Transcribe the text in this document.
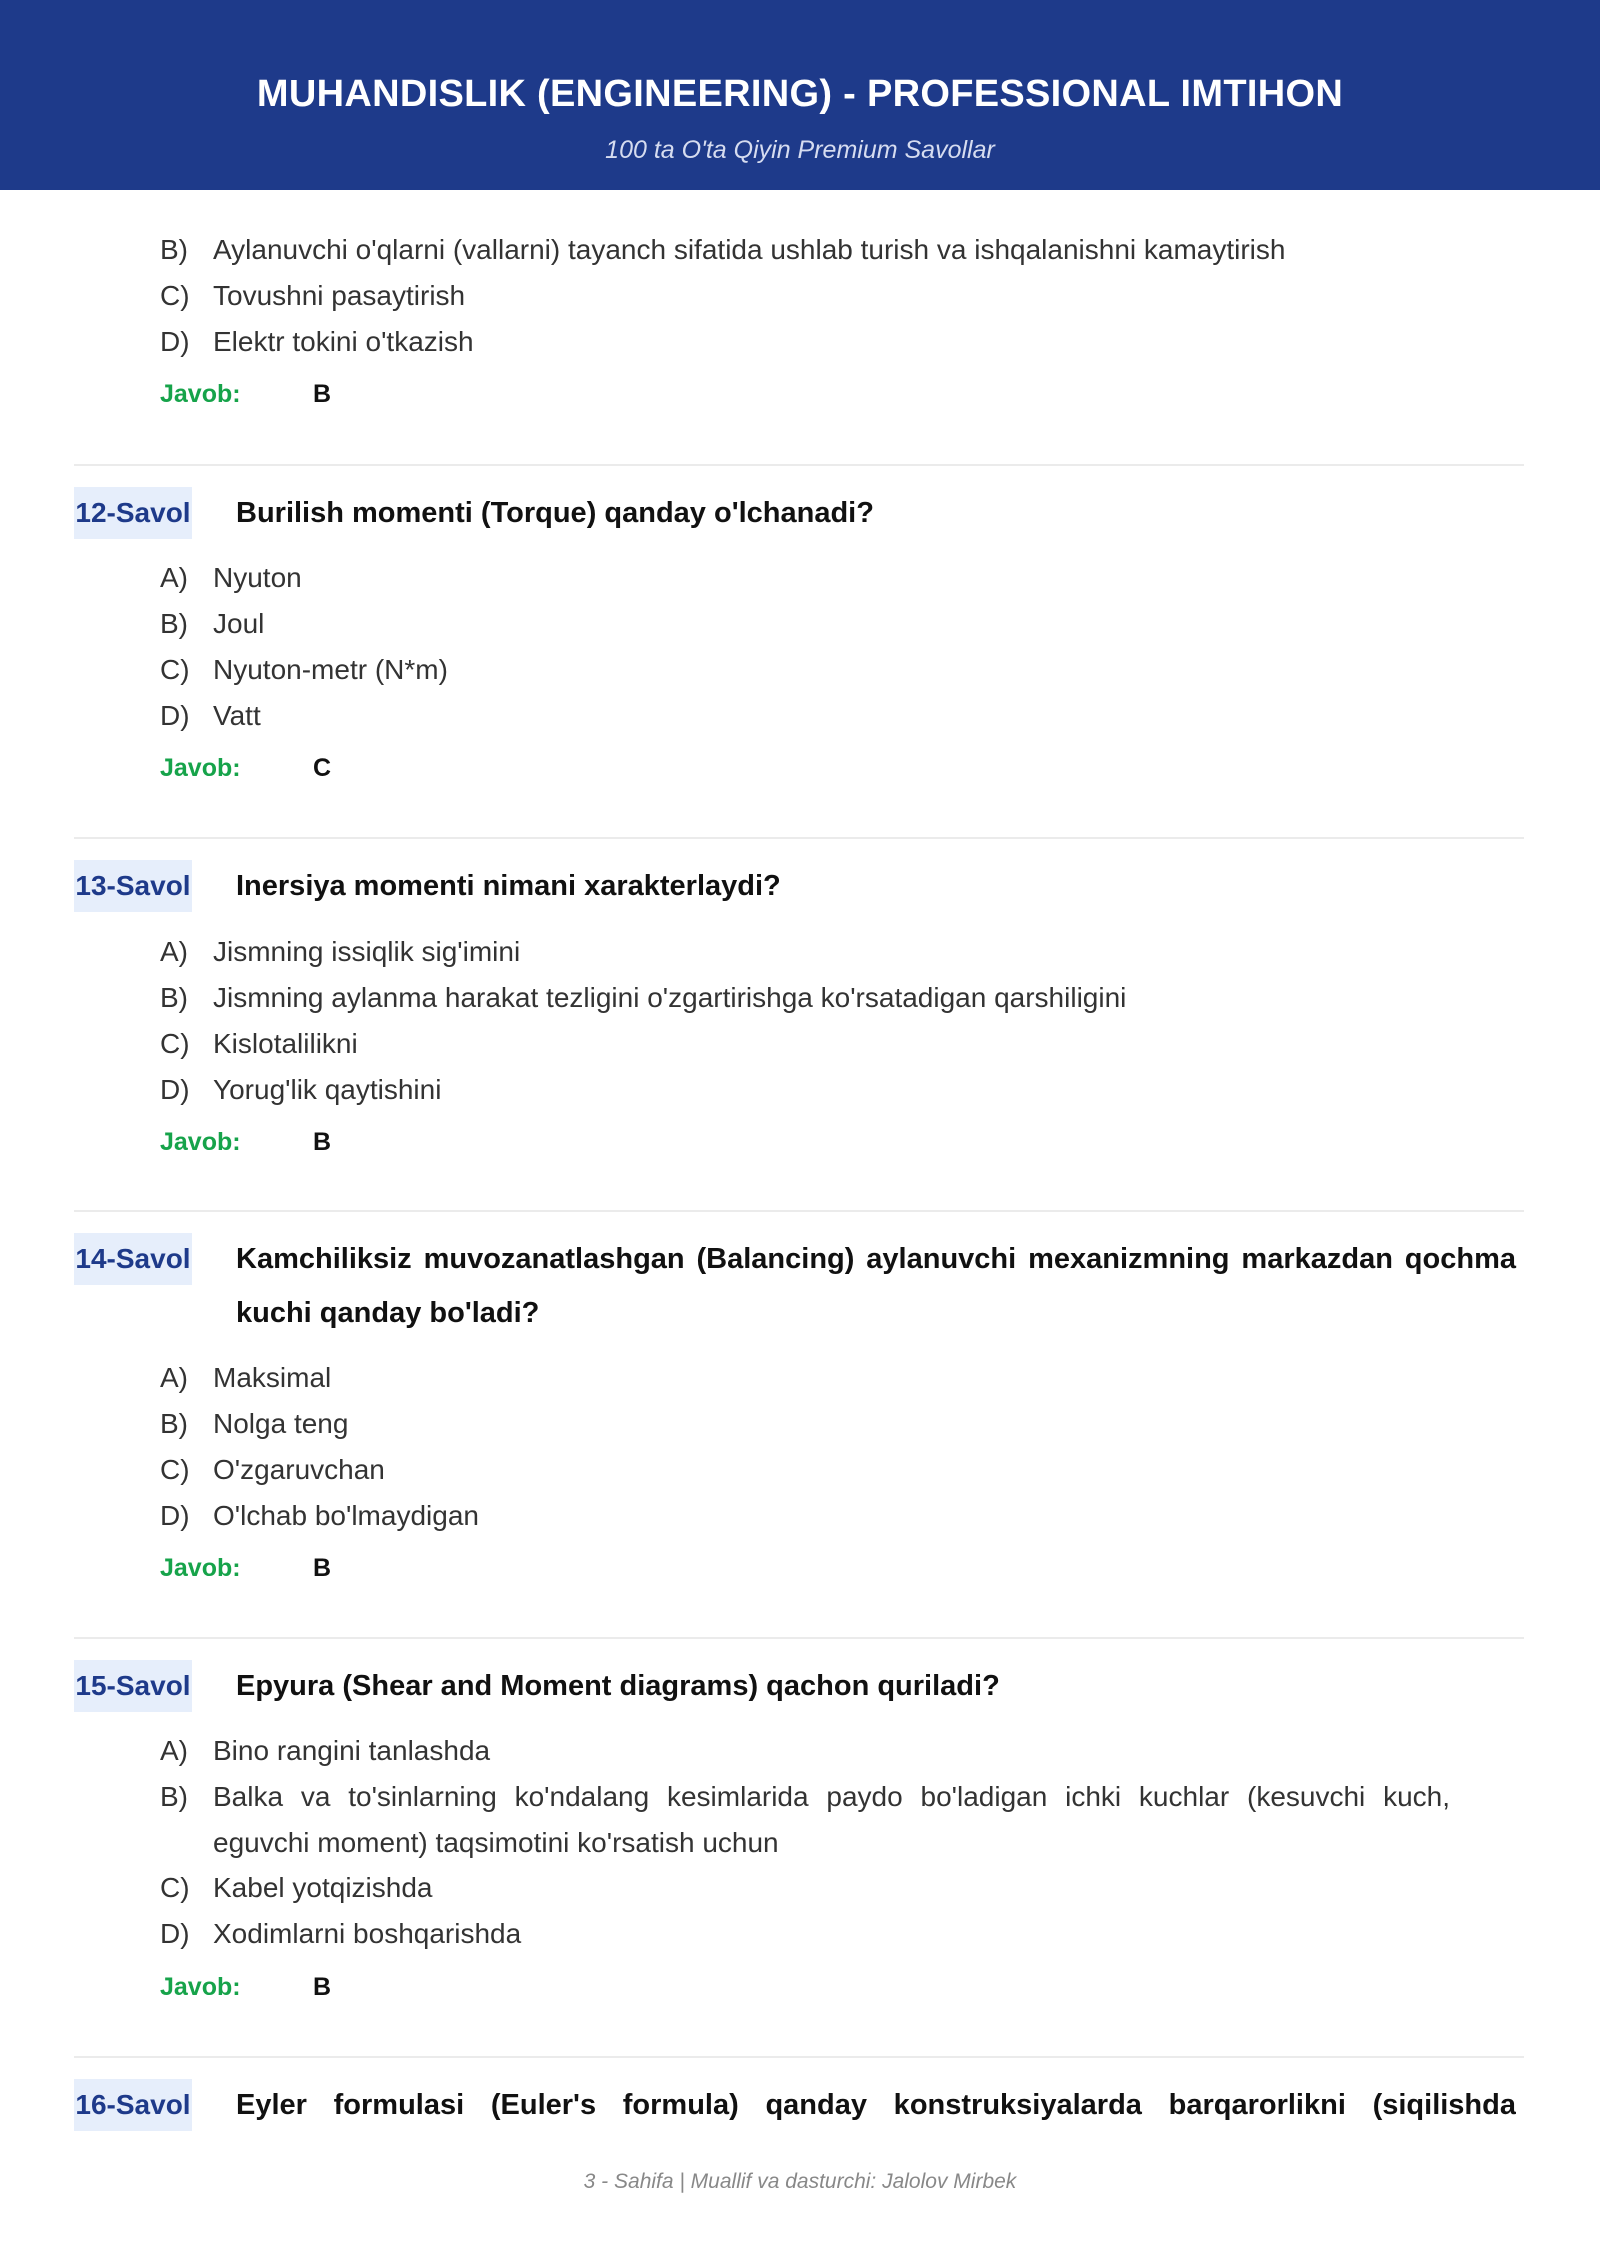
MUHANDISLIK (ENGINEERING) - PROFESSIONAL IMTIHON
100 ta O'ta Qiyin Premium Savollar
B) Aylanuvchi o'qlarni (vallarni) tayanch sifatida ushlab turish va ishqalanishni kamaytirish
C) Tovushni pasaytirish
D) Elektr tokini o'tkazish
Javob:	B
12-Savol Burilish momenti (Torque) qanday o'lchanadi?
A) Nyuton
B) Joul
C) Nyuton-metr (N*m)
D) Vatt
Javob:	C
13-Savol Inersiya momenti nimani xarakterlaydi?
A) Jismning issiqlik sig'imini
B) Jismning aylanma harakat tezligini o'zgartirishga ko'rsatadigan qarshiligini
C) Kislotalilikni
D) Yorug'lik qaytishini
Javob:	B
14-Savol Kamchiliksiz muvozanatlashgan (Balancing) aylanuvchi mexanizmning markazdan qochma kuchi qanday bo'ladi?
A) Maksimal
B) Nolga teng
C) O'zgaruvchan
D) O'lchab bo'lmaydigan
Javob:	B
15-Savol Epyura (Shear and Moment diagrams) qachon quriladi?
A) Bino rangini tanlashda
B) Balka va to'sinlarning ko'ndalang kesimlarida paydo bo'ladigan ichki kuchlar (kesuvchi kuch, eguvchi moment) taqsimotini ko'rsatish uchun
C) Kabel yotqizishda
D) Xodimlarni boshqarishda
Javob:	B
16-Savol Eyler formulasi (Euler's formula) qanday konstruksiyalarda barqarorlikni (siqilishda
3 - Sahifa | Muallif va dasturchi: Jalolov Mirbek
